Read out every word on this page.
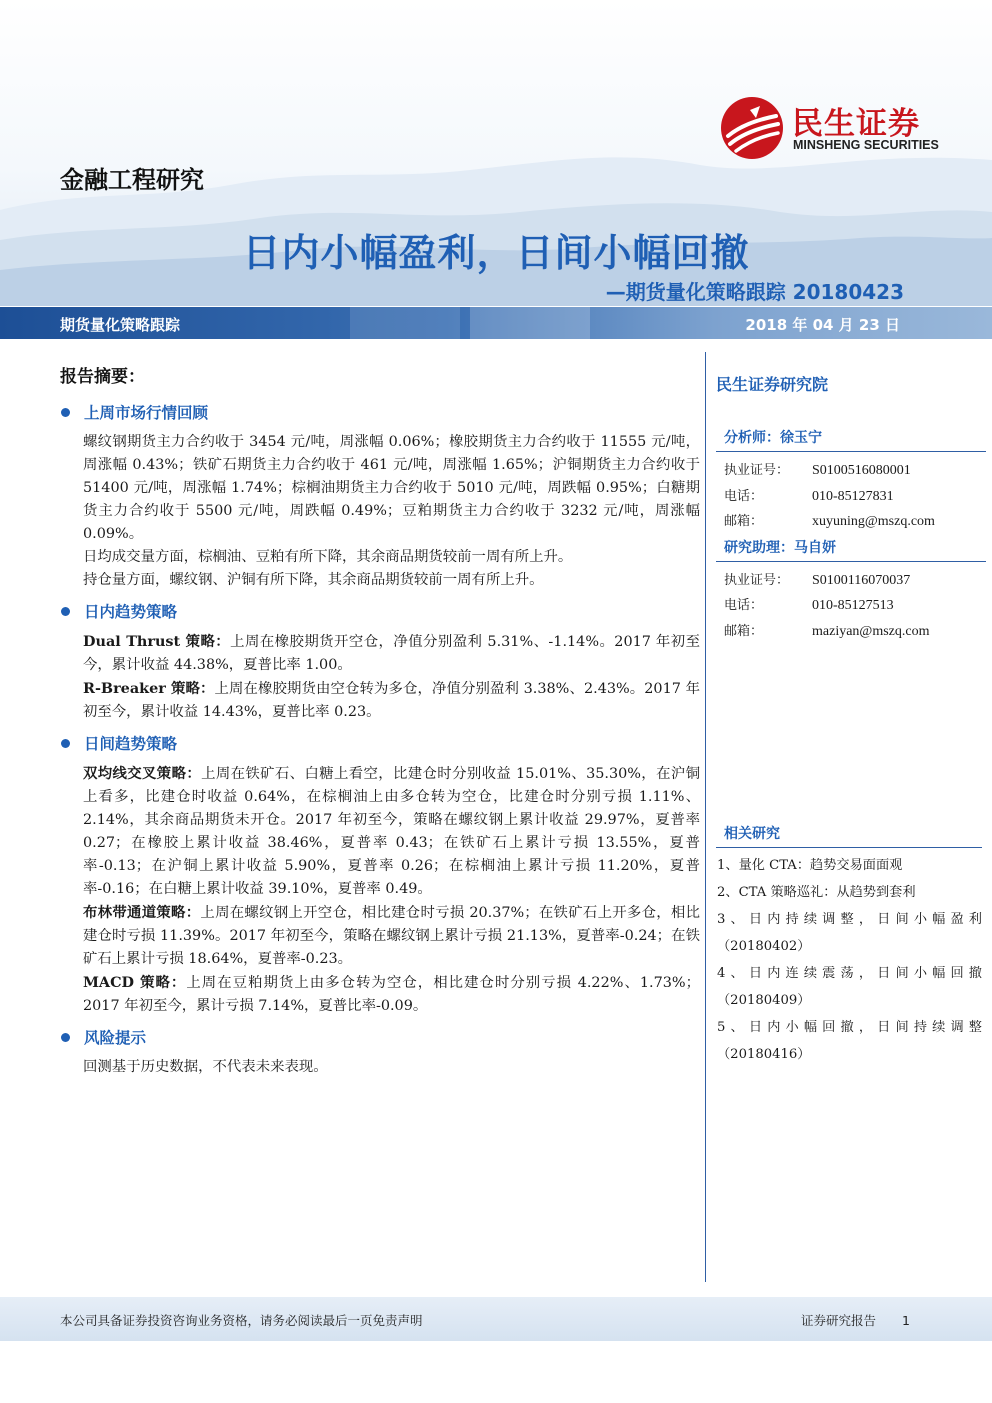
民生证券
MINSHENG SECURITIES
金融工程研究
日内小幅盈利，日间小幅回撤
—期货量化策略跟踪 20180423
期货量化策略跟踪	2018 年 04 月 23 日
报告摘要：
上周市场行情回顾

螺纹钢期货主力合约收于 3454 元/吨，周涨幅 0.06%；橡胶期货主力合约收于 11555 元/吨，周涨幅 0.43%；铁矿石期货主力合约收于 461 元/吨，周涨幅 1.65%；沪铜期货主力合约收于 51400 元/吨，周涨幅 1.74%；棕榈油期货主力合约收于 5010 元/吨，周跌幅 0.95%；白糖期货主力合约收于 5500 元/吨，周跌幅 0.49%；豆粕期货主力合约收于 3232 元/吨，周涨幅 0.09%。

日均成交量方面，棕榈油、豆粕有所下降，其余商品期货较前一周有所上升。

持仓量方面，螺纹钢、沪铜有所下降，其余商品期货较前一周有所上升。

日内趋势策略

Dual Thrust 策略：上周在橡胶期货开空仓，净值分别盈利 5.31%、-1.14%。2017 年初至今，累计收益 44.38%，夏普比率 1.00。

R-Breaker 策略：上周在橡胶期货由空仓转为多仓，净值分别盈利 3.38%、2.43%。2017 年初至今，累计收益 14.43%，夏普比率 0.23。

日间趋势策略

双均线交叉策略：上周在铁矿石、白糖上看空，比建仓时分别收益 15.01%、35.30%，在沪铜上看多，比建仓时收益 0.64%，在棕榈油上由多仓转为空仓，比建仓时分别亏损 1.11%、2.14%，其余商品期货未开仓。2017 年初至今，策略在螺纹钢上累计收益 29.97%，夏普率 0.27；在橡胶上累计收益 38.46%，夏普率 0.43；在铁矿石上累计亏损 13.55%，夏普率-0.13；在沪铜上累计收益 5.90%，夏普率 0.26；在棕榈油上累计亏损 11.20%，夏普率-0.16；在白糖上累计收益 39.10%，夏普率 0.49。

布林带通道策略：上周在螺纹钢上开空仓，相比建仓时亏损 20.37%；在铁矿石上开多仓，相比建仓时亏损 11.39%。2017 年初至今，策略在螺纹钢上累计亏损 21.13%，夏普率-0.24；在铁矿石上累计亏损 18.64%，夏普率-0.23。

MACD 策略：上周在豆粕期货上由多仓转为空仓，相比建仓时分别亏损 4.22%、1.73%；2017 年初至今，累计亏损 7.14%，夏普比率-0.09。

风险提示

回测基于历史数据，不代表未来表现。

民生证券研究院
分析师：徐玉宁
执业证号：	S0100516080001
电话：	010-85127831
邮箱：	xuyuning@mszq.com
研究助理：马自妍
执业证号：	S0100116070037
电话：	010-85127513
邮箱：	maziyan@mszq.com
相关研究
1、量化 CTA：趋势交易面面观
2、CTA 策略巡礼：从趋势到套利
3、日内持续调整，日间小幅盈利
（20180402）
4、日内连续震荡，日间小幅回撤
（20180409）
5、日内小幅回撤，日间持续调整
（20180416）
本公司具备证券投资咨询业务资格，请务必阅读最后一页免责声明	证券研究报告 1
